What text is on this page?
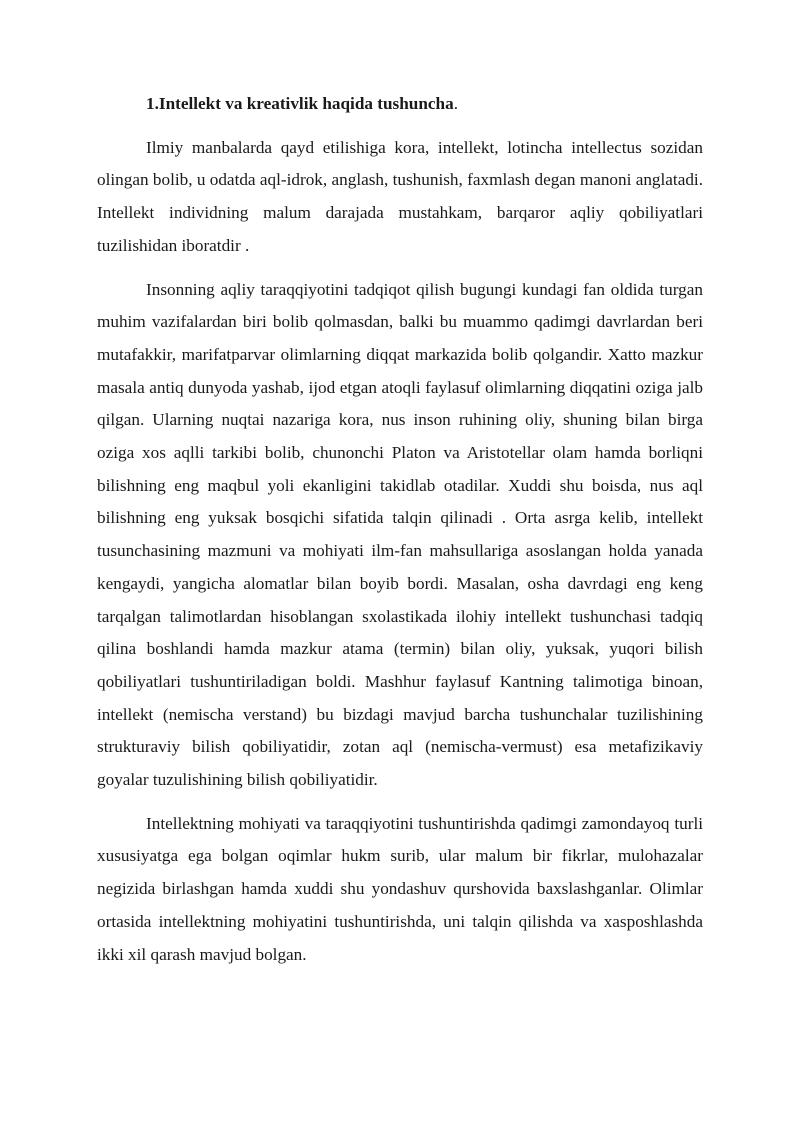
1.Intellekt va kreativlik haqida tushuncha.

Ilmiy manbalarda qayd etilishiga kora, intellekt, lotincha intellectus sozidan olingan bolib, u odatda aql-idrok, anglash, tushunish, faxmlash degan manoni anglatadi. Intellekt individning malum darajada mustahkam, barqaror aqliy qobiliyatlari tuzilishidan iboratdir .

Insonning aqliy taraqqiyotini tadqiqot qilish bugungi kundagi fan oldida turgan muhim vazifalardan biri bolib qolmasdan, balki bu muammo qadimgi davrlardan beri mutafakkir, marifatparvar olimlarning diqqat markazida bolib qolgandir. Xatto mazkur masala antiq dunyoda yashab, ijod etgan atoqli faylasuf olimlarning diqqatini oziga jalb qilgan. Ularning nuqtai nazariga kora, nus inson ruhining oliy, shuning bilan birga oziga xos aqlli tarkibi bolib, chunonchi Platon va Aristotellar olam hamda borliqni bilishning eng maqbul yoli ekanligini takidlab otadilar. Xuddi shu boisda, nus aql bilishning eng yuksak bosqichi sifatida talqin qilinadi . Orta asrga kelib, intellekt tusunchasining mazmuni va mohiyati ilm-fan mahsullariga asoslangan holda yanada kengaydi, yangicha alomatlar bilan boyib bordi. Masalan, osha davrdagi eng keng tarqalgan talimotlardan hisoblangan sxolastikada ilohiy intellekt tushunchasi tadqiq qilina boshlandi hamda mazkur atama (termin) bilan oliy, yuksak, yuqori bilish qobiliyatlari tushuntiriladigan boldi. Mashhur faylasuf Kantning talimotiga binoan, intellekt (nemischa verstand) bu bizdagi mavjud barcha tushunchalar tuzilishining strukturaviy bilish qobiliyatidir, zotan aql (nemischa-vermust) esa metafizikaviy goyalar tuzulishining bilish qobiliyatidir.

Intellektning mohiyati va taraqqiyotini tushuntirishda qadimgi zamondayoq turli xususiyatga ega bolgan oqimlar hukm surib, ular malum bir fikrlar, mulohazalar negizida birlashgan hamda xuddi shu yondashuv qurshovida baxslashganlar. Olimlar ortasida intellektning mohiyatini tushuntirishda, uni talqin qilishda va xasposhlashda ikki xil qarash mavjud bolgan.
